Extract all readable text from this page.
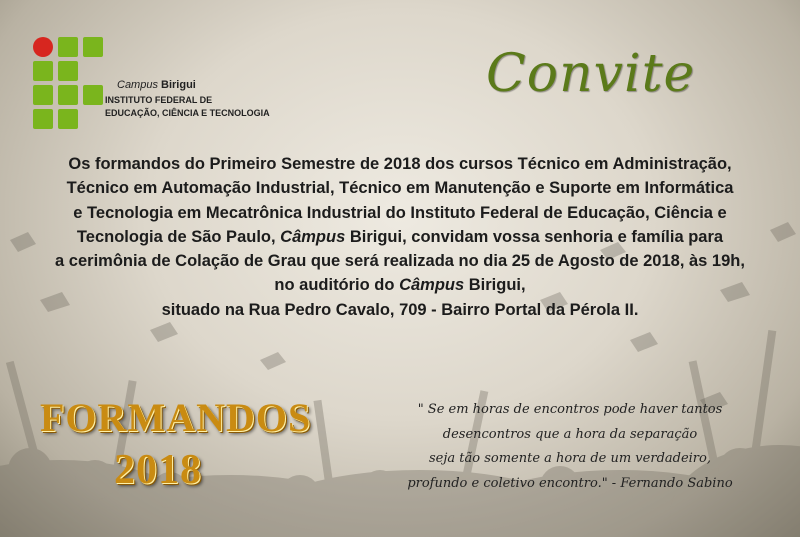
Campus Birigui
INSTITUTO FEDERAL DE
EDUCAÇÃO, CIÊNCIA E TECNOLOGIA
Convite
Os formandos do Primeiro Semestre de 2018 dos cursos Técnico em Administração,
Técnico em Automação Industrial, Técnico em Manutenção e Suporte em Informática
e Tecnologia em Mecatrônica Industrial do Instituto Federal de Educação, Ciência e
Tecnologia de São Paulo, Câmpus Birigui, convidam vossa senhoria e família para
a cerimônia de Colação de Grau que será realizada no dia 25 de Agosto de 2018, às 19h,
no auditório do Câmpus Birigui,
situado na Rua Pedro Cavalo, 709 - Bairro Portal da Pérola II.
FORMANDOS
2018
" Se em horas de encontros pode haver tantos
desencontros que a hora da separação
seja tão somente a hora de um verdadeiro,
profundo e coletivo encontro." - Fernando Sabino
